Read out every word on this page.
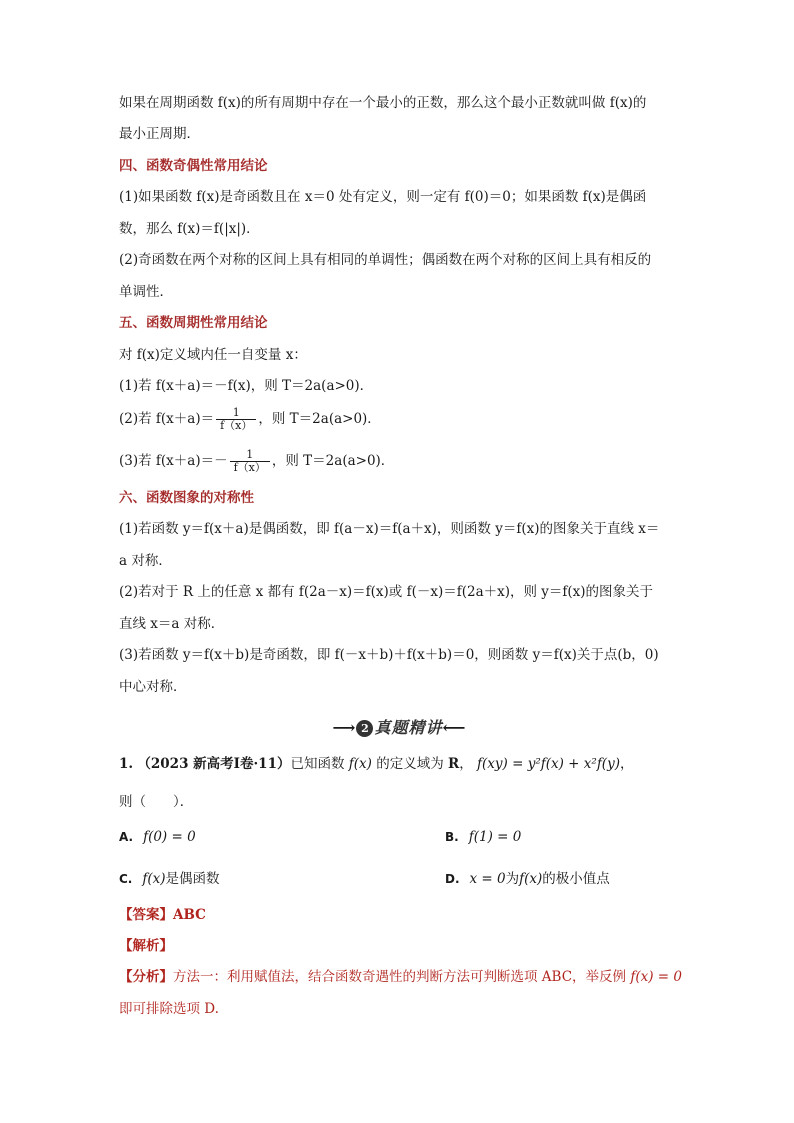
如果在周期函数 f(x)的所有周期中存在一个最小的正数，那么这个最小正数就叫做 f(x)的
最小正周期．
四、函数奇偶性常用结论
(1)如果函数 f(x)是奇函数且在 x＝0 处有定义，则一定有 f(0)＝0；如果函数 f(x)是偶函
数，那么 f(x)＝f(|x|)．
(2)奇函数在两个对称的区间上具有相同的单调性；偶函数在两个对称的区间上具有相反的
单调性．
五、函数周期性常用结论
对 f(x)定义域内任一自变量 x：
(1)若 f(x＋a)＝－f(x)，则 T＝2a(a>0)．
(2)若 $f(x+a)= \frac{1}{f(x)}$ ，则 T＝2a(a>0)．
(3)若 $f(x+a)=- \frac{1}{f(x)}$ ，则 T＝2a(a>0)．
六、函数图象的对称性
(1)若函数 y＝f(x＋a)是偶函数，即 f(a－x)＝f(a＋x)，则函数 y＝f(x)的图象关于直线 x＝
a 对称．
(2)若对于 R 上的任意 x 都有 f(2a－x)＝f(x)或 f(－x)＝f(2a＋x)，则 y＝f(x)的图象关于
直线 x＝a 对称．
(3)若函数 y＝f(x＋b)是奇函数，即 f(－x＋b)＋f(x＋b)＝0，则函数 y＝f(x)关于点(b，0)
中心对称．
⟶ 2 真题精讲⟵
1. （2023 新高考Ⅰ卷·11）已知函数 f(x) 的定义域为 R， f(xy) = y²f(x) + x²f(y)，
则（　　）．
A. f(0) = 0	B. f(1) = 0
C. f(x)是偶函数	D. x = 0为f(x)的极小值点
【答案】ABC
【解析】
【分析】方法一：利用赋值法，结合函数奇遇性的判断方法可判断选项 ABC，举反例 f(x) = 0
即可排除选项 D.
